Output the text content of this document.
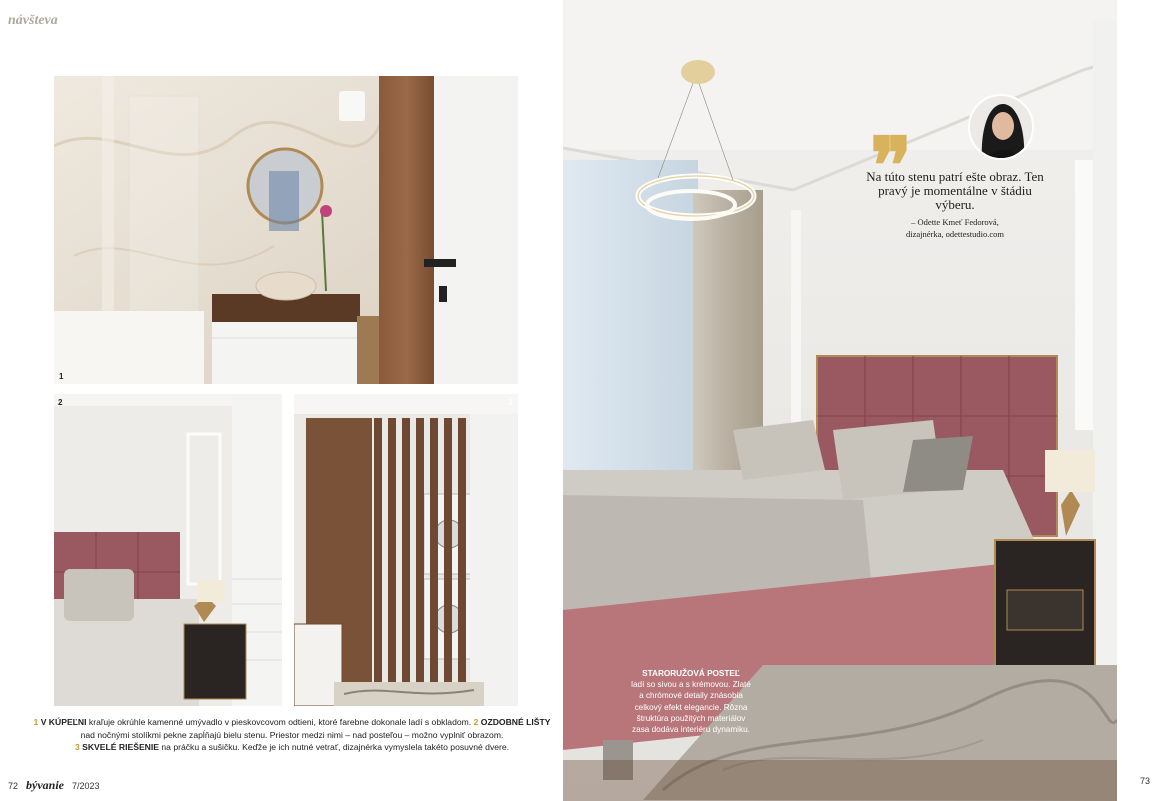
návšteva
1
2	3
1 V KÚPEĽNI kraľuje okrúhle kamenné umývadlo v pieskovcovom odtieni, ktoré farebne dokonale ladí s obkladom. 2 OZDOBNÉ LIŠTY nad nočnými stolíkmi pekne zapĺňajú bielu stenu. Priestor medzi nimi – nad posteľou – možno vyplniť obrazom.
3 SKVELÉ RIEŠENIE na práčku a sušičku. Keďže je ich nutné vetrať, dizajnérka vymyslela takéto posuvné dvere.
❞
Na túto stenu patrí ešte obraz. Ten pravý je momentálne v štádiu výberu.
– Odette Kmeť Fedorová,
dizajnérka, odettestudio.com
STARORUŽOVÁ POSTEĽ
ladí so sivou a s krémovou. Zlaté a chrómové detaily znásobia celkový efekt elegancie. Rôzna štruktúra použitých materiálov zasa dodáva interiéru dynamiku.
72 bývanie 7/2023	73
